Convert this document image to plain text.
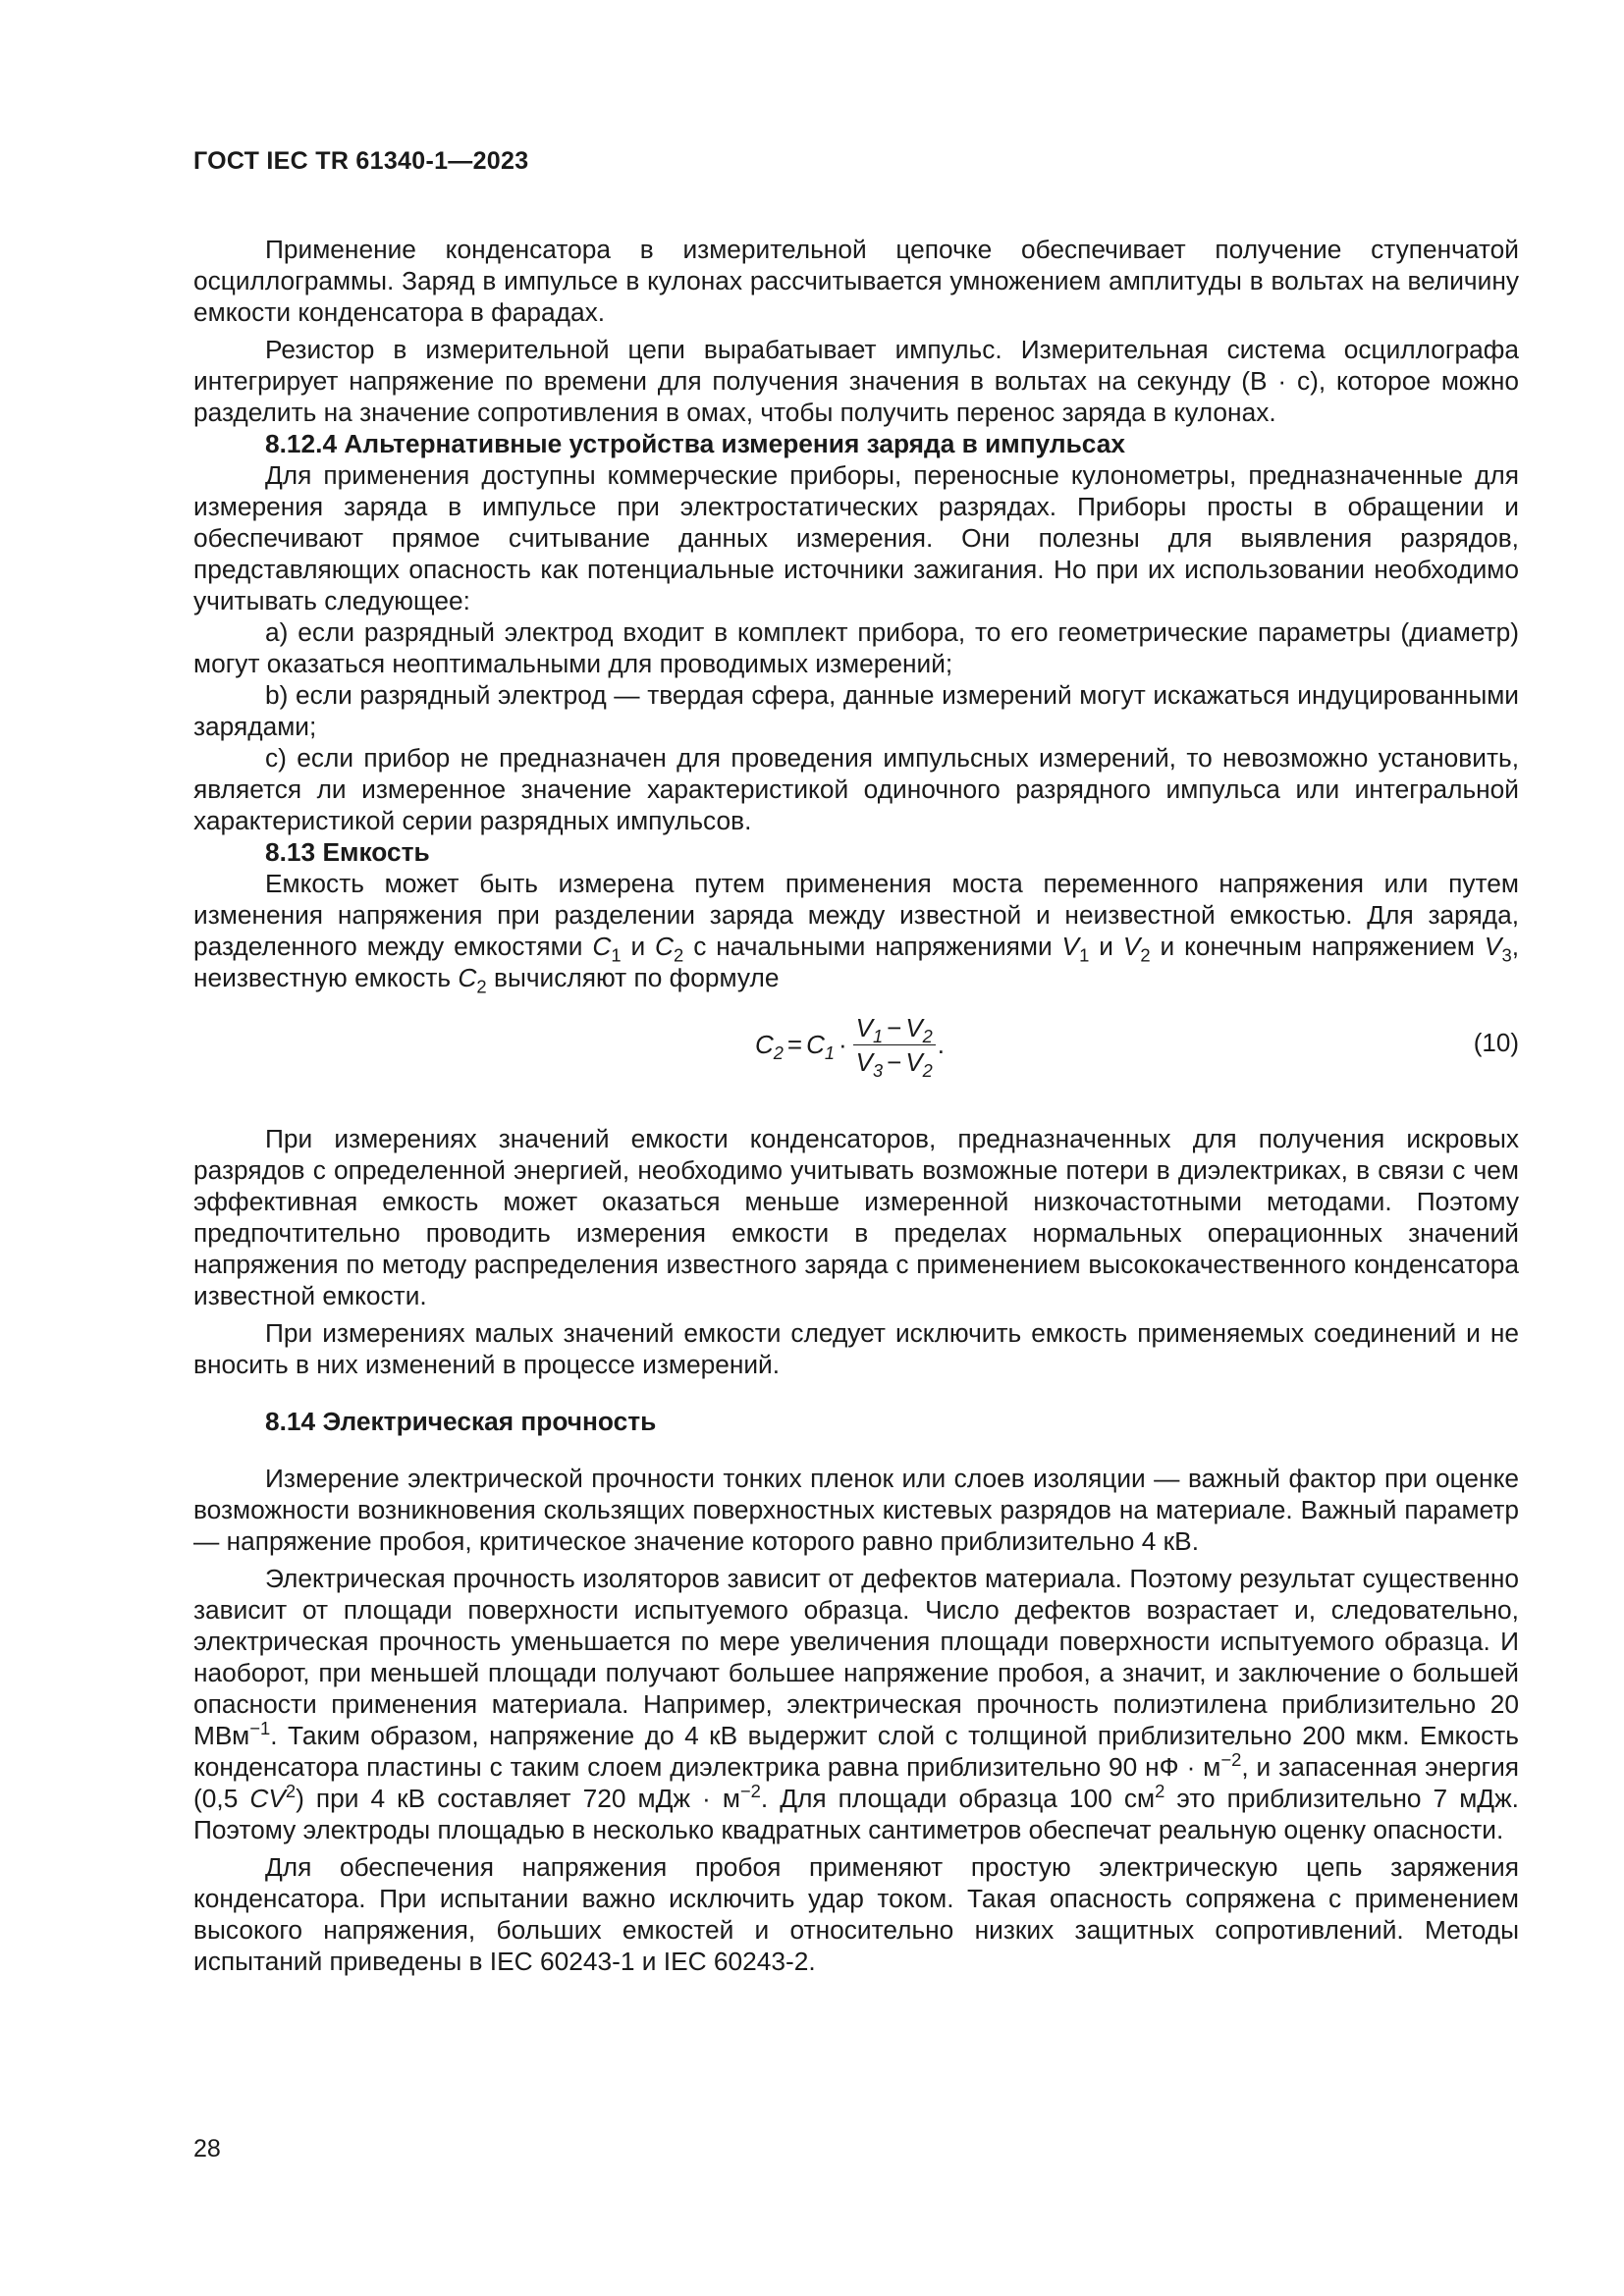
ГОСТ IEC TR 61340-1—2023

Применение конденсатора в измерительной цепочке обеспечивает получение ступенчатой осциллограммы. Заряд в импульсе в кулонах рассчитывается умножением амплитуды в вольтах на величину емкости конденсатора в фарадах.

Резистор в измерительной цепи вырабатывает импульс. Измерительная система осциллографа интегрирует напряжение по времени для получения значения в вольтах на секунду (В · с), которое можно разделить на значение сопротивления в омах, чтобы получить перенос заряда в кулонах.

8.12.4 Альтернативные устройства измерения заряда в импульсах

Для применения доступны коммерческие приборы, переносные кулонометры, предназначенные для измерения заряда в импульсе при электростатических разрядах. Приборы просты в обращении и обеспечивают прямое считывание данных измерения. Они полезны для выявления разрядов, представляющих опасность как потенциальные источники зажигания. Но при их использовании необходимо учитывать следующее:

а) если разрядный электрод входит в комплект прибора, то его геометрические параметры (диаметр) могут оказаться неоптимальными для проводимых измерений;

b) если разрядный электрод — твердая сфера, данные измерений могут искажаться индуцированными зарядами;

с) если прибор не предназначен для проведения импульсных измерений, то невозможно установить, является ли измеренное значение характеристикой одиночного разрядного импульса или интегральной характеристикой серии разрядных импульсов.

8.13 Емкость

Емкость может быть измерена путем применения моста переменного напряжения или путем изменения напряжения при разделении заряда между известной и неизвестной емкостью. Для заряда, разделенного между емкостями $C_1$ и $C_2$ с начальными напряжениями $V_1$ и $V_2$ и конечным напряжением $V_3$, неизвестную емкость $C_2$ вычисляют по формуле

$C_2 = C_1 \cdot \frac{V_1 - V_2}{V_3 - V_2}$ .	(10)

При измерениях значений емкости конденсаторов, предназначенных для получения искровых разрядов с определенной энергией, необходимо учитывать возможные потери в диэлектриках, в связи с чем эффективная емкость может оказаться меньше измеренной низкочастотными методами. Поэтому предпочтительно проводить измерения емкости в пределах нормальных операционных значений напряжения по методу распределения известного заряда с применением высококачественного конденсатора известной емкости.

При измерениях малых значений емкости следует исключить емкость применяемых соединений и не вносить в них изменений в процессе измерений.

8.14 Электрическая прочность

Измерение электрической прочности тонких пленок или слоев изоляции — важный фактор при оценке возможности возникновения скользящих поверхностных кистевых разрядов на материале. Важный параметр — напряжение пробоя, критическое значение которого равно приблизительно 4 кВ.

Электрическая прочность изоляторов зависит от дефектов материала. Поэтому результат существенно зависит от площади поверхности испытуемого образца. Число дефектов возрастает и, следовательно, электрическая прочность уменьшается по мере увеличения площади поверхности испытуемого образца. И наоборот, при меньшей площади получают большее напряжение пробоя, а значит, и заключение о большей опасности применения материала. Например, электрическая прочность полиэтилена приблизительно 20 МВм$^{-1}$. Таким образом, напряжение до 4 кВ выдержит слой с толщиной приблизительно 200 мкм. Емкость конденсатора пластины с таким слоем диэлектрика равна приблизительно 90 нФ · $м^{-2}$, и запасенная энергия (0,5 $CV^2$) при 4 кВ составляет 720 мДж · $м^{-2}$. Для площади образца 100 $см^2$ это приблизительно 7 мДж. Поэтому электроды площадью в несколько квадратных сантиметров обеспечат реальную оценку опасности.

Для обеспечения напряжения пробоя применяют простую электрическую цепь заряжения конденсатора. При испытании важно исключить удар током. Такая опасность сопряжена с применением высокого напряжения, больших емкостей и относительно низких защитных сопротивлений. Методы испытаний приведены в IEC 60243-1 и IEC 60243-2.

28
